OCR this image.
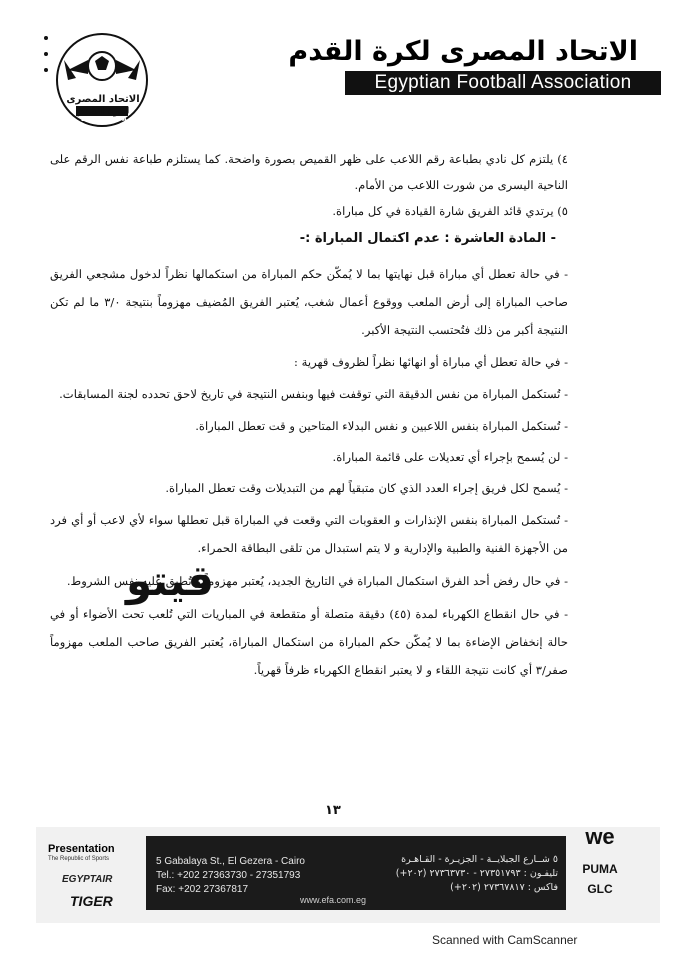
الاتحاد المصرى لكرة القدم
EGYPTIAN FA
الاتحاد المصرى لكرة القدم
Egyptian Football Association

٤) يلتزم كل نادي بطباعة رقم اللاعب على ظهر القميص بصورة واضحة. كما يستلزم طباعة نفس الرقم على الناحية اليسرى من شورت اللاعب من الأمام.

٥) يرتدي قائد الفريق شارة القيادة في كل مباراة.

- المادة العاشرة : عدم اكتمال المباراة :-

- في حالة تعطل أي مباراة قبل نهايتها بما لا يُمكّن حكم المباراة من استكمالها نظراً لدخول مشجعي الفريق صاحب المباراة إلى أرض الملعب ووقوع أعمال شغب، يُعتبر الفريق المُضيف مهزوماً بنتيجة ٣/٠ ما لم تكن النتيجة أكبر من ذلك فتُحتسب النتيجة الأكبر.

- في حالة تعطل أي مباراة أو انهائها نظراً لظروف قهرية :

- تُستكمل المباراة من نفس الدقيقة التي توقفت فيها وبنفس النتيجة في تاريخ لاحق تحدده لجنة المسابقات.

- تُستكمل المباراة بنفس اللاعبين و نفس البدلاء المتاحين و قت تعطل المباراة.

- لن يُسمح بإجراء أي تعديلات على قائمة المباراة.

- يُسمح لكل فريق إجراء العدد الذي كان متبقياً لهم من التبديلات وقت تعطل المباراة.

- تُستكمل المباراة بنفس الإنذارات و العقوبات التي وقعت في المباراة قبل تعطلها سواء لأي لاعب أو أي فرد من الأجهزة الفنية والطبية والإدارية و لا يتم استبدال من تلقى البطاقة الحمراء.

- في حال رفض أحد الفرق استكمال المباراة في التاريخ الجديد، يُعتبر مهزوماً و تُطبق عليه نفس الشروط.

- في حال انقطاع الكهرباء لمدة (٤٥) دقيقة متصلة أو متقطعة في المباريات التي تُلعب تحت الأضواء أو في حالة إنخفاض الإضاءة بما لا يُمكّن حكم المباراة من استكمال المباراة، يُعتبر الفريق صاحب الملعب مهزوماً صفر/٣ أي كانت نتيجة اللقاء و لا يعتبر انقطاع الكهرباء ظرفاً قهرياً.

قيتو
١٣
5 Gabalaya St., El Gezera - Cairo
Tel.: +202 27363730 - 27351793
Fax: +202 27367817
٥ شــارع الجبلايــة - الجزيـرة - القـاهـرة
تليفـون : ٢٧٣٥١٧٩٣ - ٢٧٣٦٣٧٣٠ (٢٠٢+)
فاكس : ٢٧٣٦٧٨١٧ (٢٠٢+)
www.efa.com.eg
Presentation
The Republic of Sports
EGYPTAIR
TIGER
we
PUMA
GLC
Scanned with CamScanner
